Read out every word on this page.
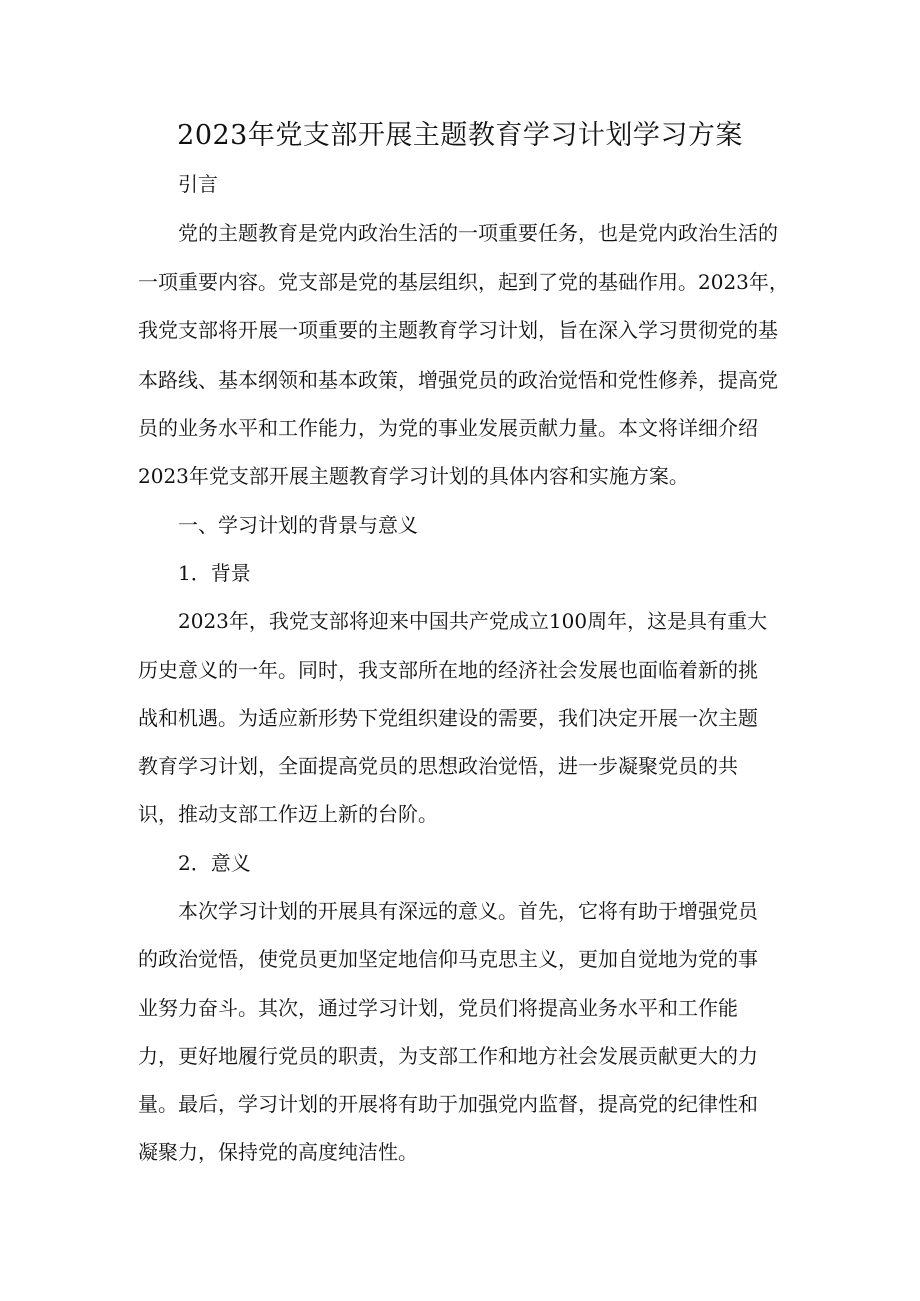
2023年党支部开展主题教育学习计划学习方案

引言

党的主题教育是党内政治生活的一项重要任务，也是党内政治生活的

一项重要内容。党支部是党的基层组织，起到了党的基础作用。2023年，

我党支部将开展一项重要的主题教育学习计划，旨在深入学习贯彻党的基

本路线、基本纲领和基本政策，增强党员的政治觉悟和党性修养，提高党

员的业务水平和工作能力，为党的事业发展贡献力量。本文将详细介绍

2023年党支部开展主题教育学习计划的具体内容和实施方案。

一、学习计划的背景与意义

1．背景

2023年，我党支部将迎来中国共产党成立100周年，这是具有重大

历史意义的一年。同时，我支部所在地的经济社会发展也面临着新的挑

战和机遇。为适应新形势下党组织建设的需要，我们决定开展一次主题

教育学习计划，全面提高党员的思想政治觉悟，进一步凝聚党员的共

识，推动支部工作迈上新的台阶。

2．意义

本次学习计划的开展具有深远的意义。首先，它将有助于增强党员

的政治觉悟，使党员更加坚定地信仰马克思主义，更加自觉地为党的事

业努力奋斗。其次，通过学习计划，党员们将提高业务水平和工作能

力，更好地履行党员的职责，为支部工作和地方社会发展贡献更大的力

量。最后，学习计划的开展将有助于加强党内监督，提高党的纪律性和

凝聚力，保持党的高度纯洁性。
